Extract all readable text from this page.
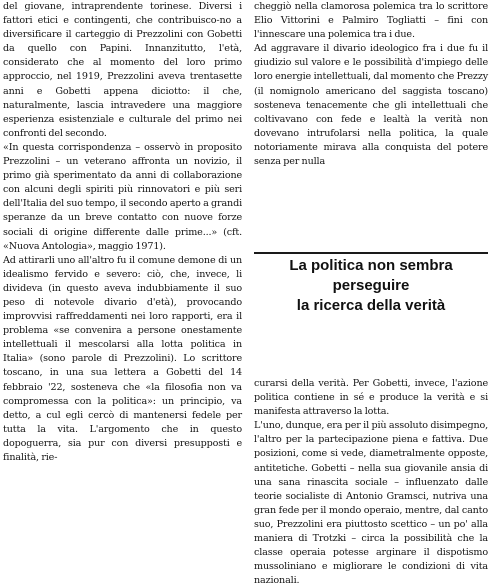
del giovane, intraprendente torinese. Diversi i fattori etici e contingenti, che contribuisco-no a diversificare il carteggio di Prezzolini con Gobetti da quello con Papini. Innanzitutto, l'età, considerato che al momento del loro primo approccio, nel 1919, Prezzolini aveva trentasette anni e Gobetti appena diciotto: il che, naturalmente, lascia intravedere una maggiore esperienza esistenziale e culturale del primo nei confronti del secondo.

«In questa corrispondenza – osservò in proposito Prezzolini – un veterano affronta un novizio, il primo già sperimentato da anni di collaborazione con alcuni degli spiriti più rinnovatori e più seri dell'Italia del suo tempo, il secondo aperto a grandi speranze da un breve contatto con nuove forze sociali di origine differente dalle prime...» (cft. «Nuova Antologia», maggio 1971).

Ad attirarli uno all'altro fu il comune demone di un idealismo fervido e severo: ciò, che, invece, li divideva (in questo aveva indubbiamente il suo peso di notevole divario d'età), provocando improvvisi raffreddamenti nei loro rapporti, era il problema «se convenira a persone onestamente intellettuali il mescolarsi alla lotta politica in Italia» (sono parole di Prezzolini). Lo scrittore toscano, in una sua lettera a Gobetti del 14 febbraio '22, sosteneva che «la filosofia non va compromessa con la politica»: un principio, va detto, a cul egli cercò di mantenersi fedele per tutta la vita. L'argomento che in questo dopoguerra, sia pur con diversi presupposti e finalità, rie-

cheggiò nella clamorosa polemica tra lo scrittore Elio Vittorini e Palmiro Togliatti – fini con l'innescare una polemica tra i due.

Ad aggravare il divario ideologico fra i due fu il giudizio sul valore e le possibilità d'impiego delle loro energie intellettuali, dal momento che Prezzy (il nomignolo americano del saggista toscano) sosteneva tenacemente che gli intellettuali che coltivavano con fede e lealtà la verità non dovevano intrufolarsi nella politica, la quale notoriamente mirava alla conquista del potere senza per nulla

La politica non sembra
perseguire
la ricerca della verità

curarsi della verità. Per Gobetti, invece, l'azione politica contiene in sé e produce la verità e si manifesta attraverso la lotta.

L'uno, dunque, era per il più assoluto disimpegno, l'altro per la partecipazione piena e fattiva. Due posizioni, come si vede, diametralmente opposte, antitetiche. Gobetti – nella sua giovanile ansia di una sana rinascita sociale – influenzato dalle teorie socialiste di Antonio Gramsci, nutriva una gran fede per il mondo operaio, mentre, dal canto suo, Prezzolini era piuttosto scettico – un po' alla maniera di Trotzki – circa la possibilità che la classe operaia potesse arginare il dispotismo mussoliniano e migliorare le condizioni di vita nazionali.
